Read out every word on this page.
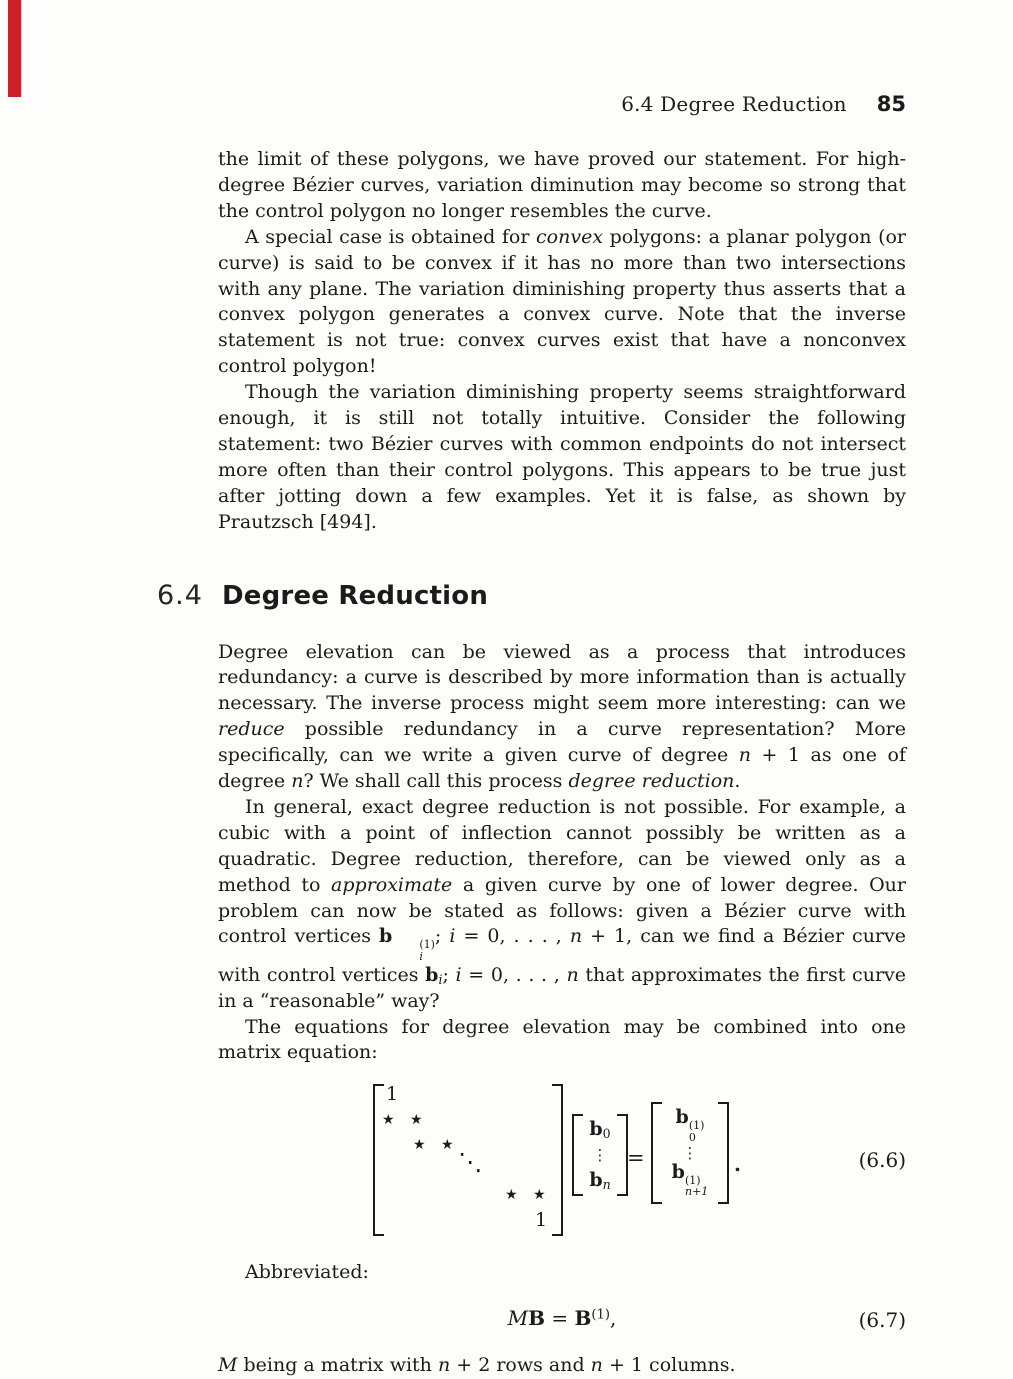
6.4 Degree Reduction 85

the limit of these polygons, we have proved our statement. For high-degree Bézier curves, variation diminution may become so strong that the control polygon no longer resembles the curve.

A special case is obtained for convex polygons: a planar polygon (or curve) is said to be convex if it has no more than two intersections with any plane. The variation diminishing property thus asserts that a convex polygon generates a convex curve. Note that the inverse statement is not true: convex curves exist that have a nonconvex control polygon!

Though the variation diminishing property seems straightforward enough, it is still not totally intuitive. Consider the following statement: two Bézier curves with common endpoints do not intersect more often than their control polygons. This appears to be true just after jotting down a few examples. Yet it is false, as shown by Prautzsch [494].

6.4 Degree Reduction

Degree elevation can be viewed as a process that introduces redundancy: a curve is described by more information than is actually necessary. The inverse process might seem more interesting: can we reduce possible redundancy in a curve representation? More specifically, can we write a given curve of degree n + 1 as one of degree n? We shall call this process degree reduction.

In general, exact degree reduction is not possible. For example, a cubic with a point of inflection cannot possibly be written as a quadratic. Degree reduction, therefore, can be viewed only as a method to approximate a given curve by one of lower degree. Our problem can now be stated as follows: given a Bézier curve with control vertices b	(1)
i
; i = 0, . . . , n + 1, can we find a Bézier curve with control vertices bi; i = 0, . . . , n that approximates the first curve in a “reasonable” way?

The equations for degree elevation may be combined into one matrix equation:

1
★ ★
★ ★
⋱
★ ★
1
b0
⋮
bn
=
b (1)
0
⋮
b (1)
n+1
.	(6.6)

Abbreviated:

MB = $B^{(1)}$,	(6.7)

M being a matrix with n + 2 rows and n + 1 columns.
